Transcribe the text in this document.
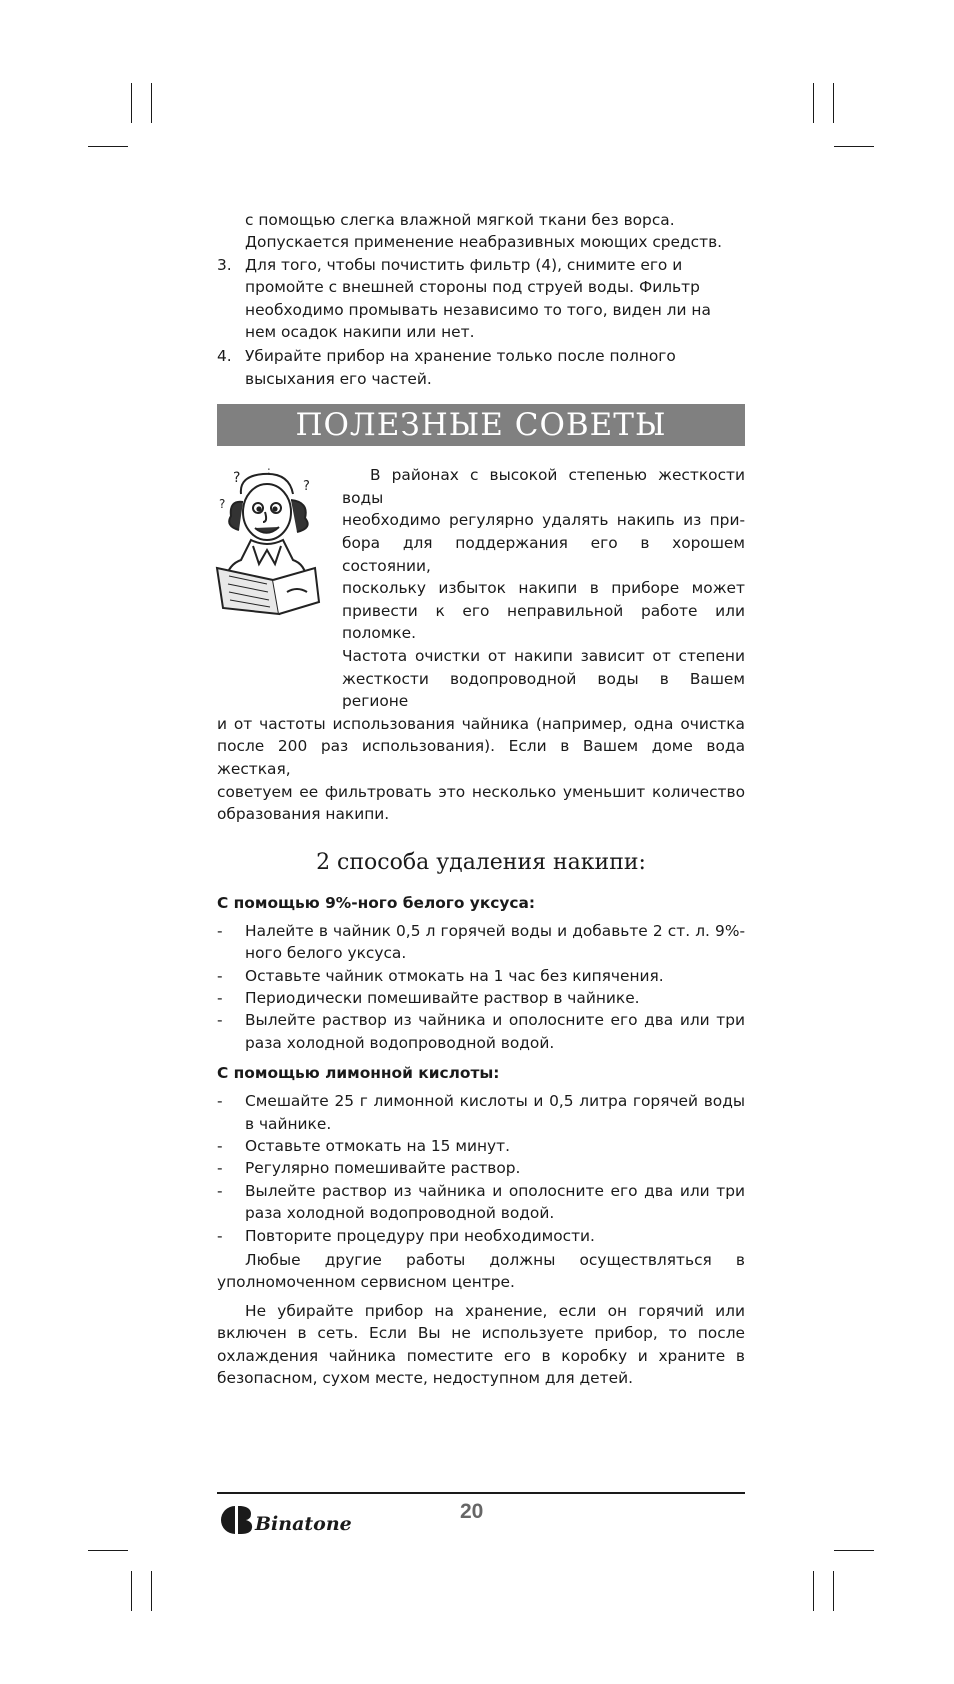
с помощью слегка влажной мягкой ткани без ворса.

Допускается применение неабразивных моющих средств.

3. Для того, чтобы почистить фильтр (4), снимите его и

промойте с внешней стороны под струей воды. Фильтр

необходимо промывать независимо то того, виден ли на

нем осадок накипи или нет.

4. Убирайте прибор на хранение только после полного

высыхания его частей.

ПОЛЕЗНЫЕ СОВЕТЫ
? :
?
?

В районах с высокой степенью жесткости воды

необходимо регулярно удалять накипь из при-

бора для поддержания его в хорошем состоянии,

поскольку избыток накипи в приборе может

привести к его неправильной работе или поломке.

Частота очистки от накипи зависит от степени

жесткости водопроводной воды в Вашем регионе

и от частоты использования чайника (например, одна очистка

после 200 раз использования). Если в Вашем доме вода жесткая,

советуем ее фильтровать это несколько уменьшит количество

образования накипи.

2 способа удаления накипи:
С помощью 9%-ного белого уксуса:
- Налейте в чайник 0,5 л горячей воды и добавьте 2 ст. л. 9%-ного белого уксуса.
- Оставьте чайник отмокать на 1 час без кипячения.
- Периодически помешивайте раствор в чайнике.
- Вылейте раствор из чайника и ополосните его два или три раза холодной водопроводной водой.
С помощью лимонной кислоты:
- Смешайте 25 г лимонной кислоты и 0,5 литра горячей воды в чайнике.
- Оставьте отмокать на 15 минут.
- Регулярно помешивайте раствор.
- Вылейте раствор из чайника и ополосните его два или три раза холодной водопроводной водой.
- Повторите процедуру при необходимости.

Любые другие работы должны осуществляться в уполномоченном сервисном центре.

Не убирайте прибор на хранение, если он горячий или включен в сеть. Если Вы не используете прибор, то после охлаждения чайника поместите его в коробку и храните в безопасном, сухом месте, недоступном для детей.

Binatone
20
